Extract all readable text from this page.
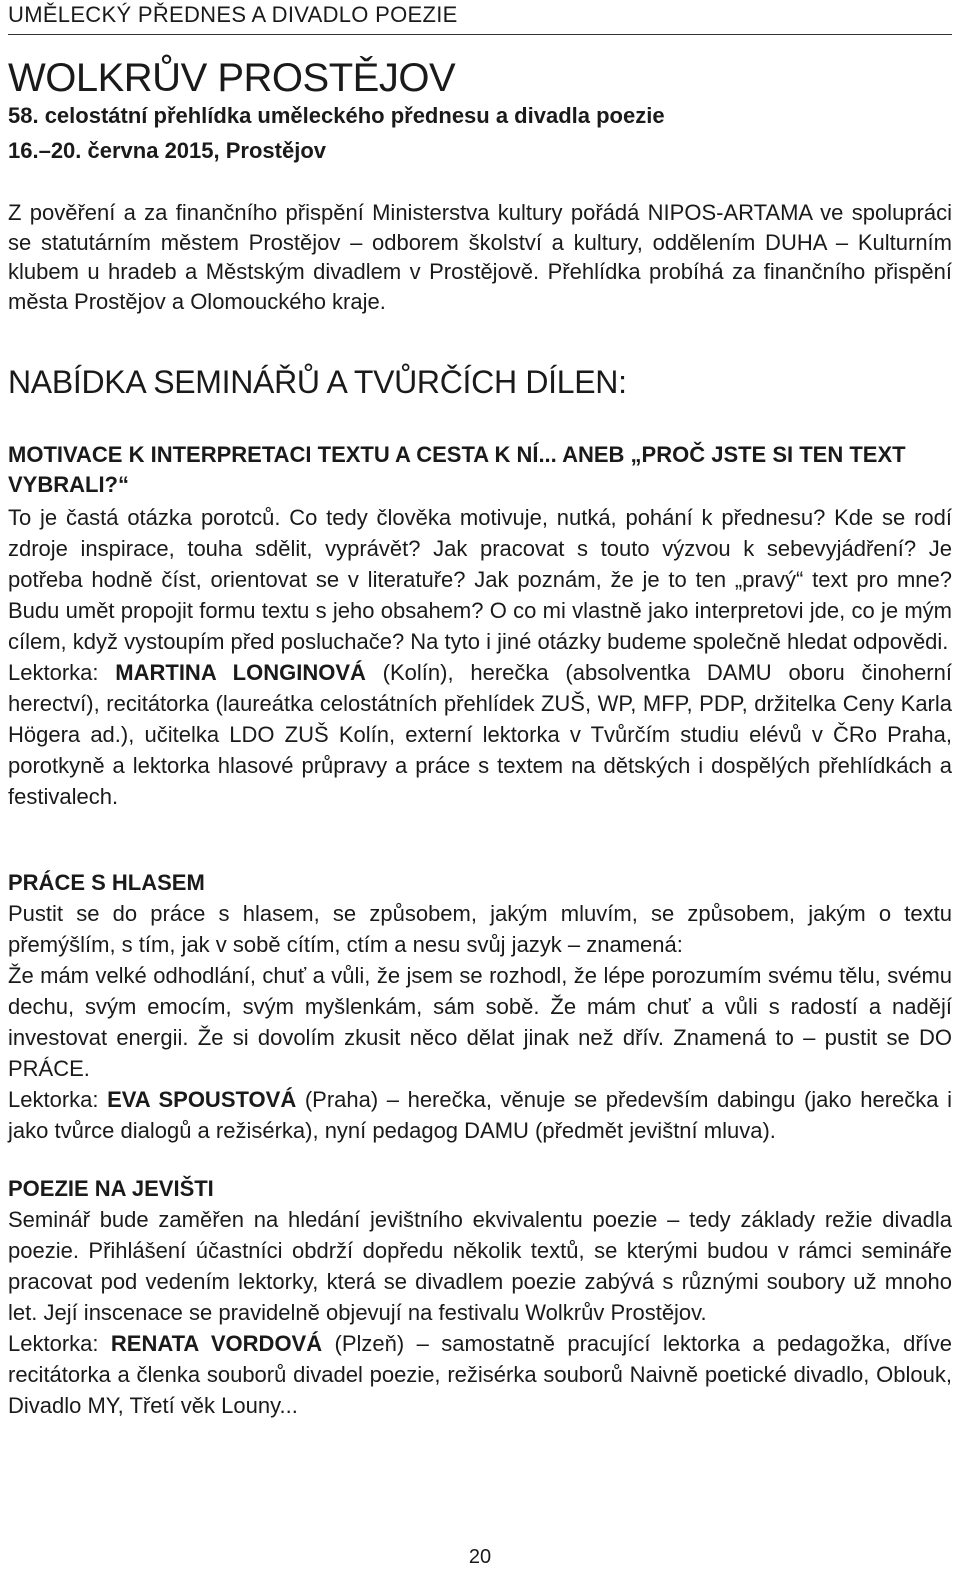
UMĚLECKÝ PŘEDNES A DIVADLO POEZIE
WOLKRŮV PROSTĚJOV
58. celostátní přehlídka uměleckého přednesu a divadla poezie
16.–20. června 2015, Prostějov
Z pověření a za finančního přispění Ministerstva kultury pořádá NIPOS-ARTAMA ve spolupráci se statutárním městem Prostějov – odborem školství a kultury, oddělením DUHA – Kulturním klubem u hradeb a Městským divadlem v Prostějově. Přehlídka probíhá za finančního přispění města Prostějov a Olomouckého kraje.
NABÍDKA SEMINÁŘŮ A TVŮRČÍCH DÍLEN:
MOTIVACE K INTERPRETACI TEXTU A CESTA K NÍ... ANEB „PROČ JSTE SI TEN TEXT VYBRALI?“

To je častá otázka porotců. Co tedy člověka motivuje, nutká, pohání k přednesu? Kde se rodí zdroje inspirace, touha sdělit, vyprávět? Jak pracovat s touto výzvou k sebevyjádření? Je potřeba hodně číst, orientovat se v literatuře? Jak poznám, že je to ten „pravý“ text pro mne? Budu umět propojit formu textu s jeho obsahem? O co mi vlastně jako interpretovi jde, co je mým cílem, když vystoupím před posluchače? Na tyto i jiné otázky budeme společně hledat odpovědi.

Lektorka: MARTINA LONGINOVÁ (Kolín), herečka (absolventka DAMU oboru činoherní herectví), recitátorka (laureátka celostátních přehlídek ZUŠ, WP, MFP, PDP, držitelka Ceny Karla Högera ad.), učitelka LDO ZUŠ Kolín, externí lektorka v Tvůrčím studiu elévů v ČRo Praha, porotkyně a lektorka hlasové průpravy a práce s textem na dětských i dospělých přehlídkách a festivalech.

PRÁCE S HLASEM

Pustit se do práce s hlasem, se způsobem, jakým mluvím, se způsobem, jakým o textu přemýšlím, s tím, jak v sobě cítím, ctím a nesu svůj jazyk – znamená:

Že mám velké odhodlání, chuť a vůli, že jsem se rozhodl, že lépe porozumím svému tělu, svému dechu, svým emocím, svým myšlenkám, sám sobě. Že mám chuť a vůli s radostí a nadějí investovat energii. Že si dovolím zkusit něco dělat jinak než dřív. Znamená to – pustit se DO PRÁCE.

Lektorka: EVA SPOUSTOVÁ (Praha) – herečka, věnuje se především dabingu (jako herečka i jako tvůrce dialogů a režisérka), nyní pedagog DAMU (předmět jevištní mluva).

POEZIE NA JEVIŠTI

Seminář bude zaměřen na hledání jevištního ekvivalentu poezie – tedy základy režie divadla poezie. Přihlášení účastníci obdrží dopředu několik textů, se kterými budou v rámci semináře pracovat pod vedením lektorky, která se divadlem poezie zabývá s různými soubory už mnoho let. Její inscenace se pravidelně objevují na festivalu Wolkrův Prostějov.

Lektorka: RENATA VORDOVÁ (Plzeň) – samostatně pracující lektorka a pedagožka, dříve recitátorka a členka souborů divadel poezie, režisérka souborů Naivně poetické divadlo, Oblouk, Divadlo MY, Třetí věk Louny...

20
